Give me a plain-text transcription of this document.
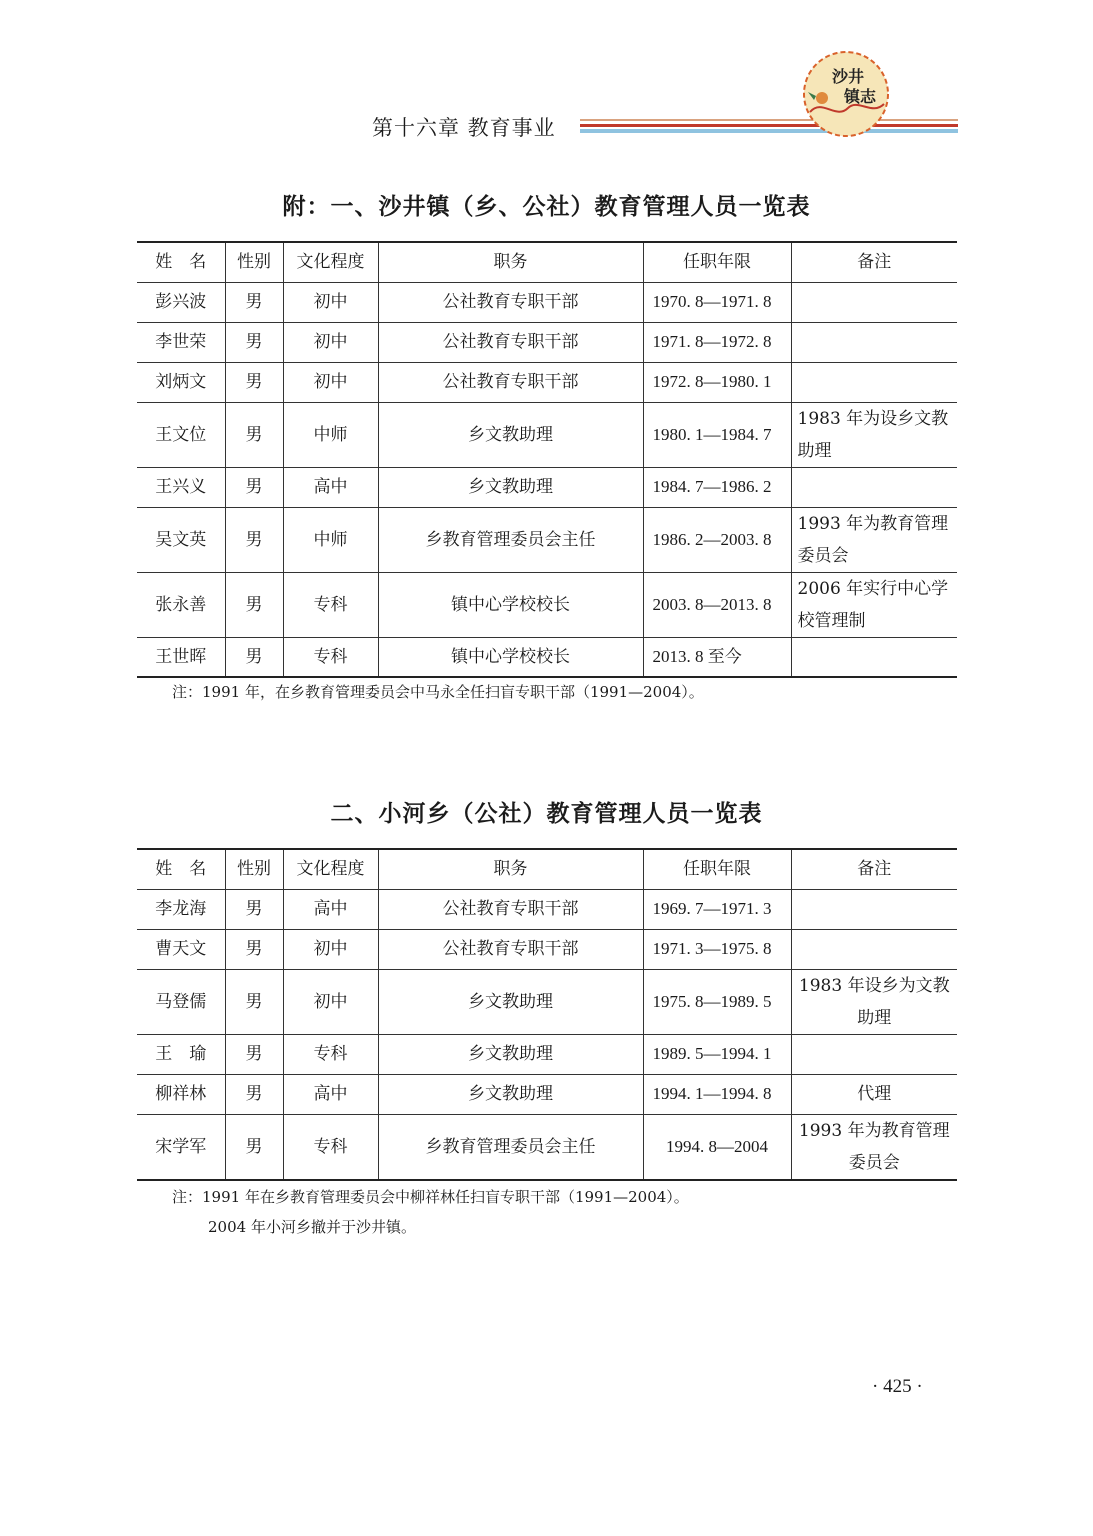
第十六章 教育事业
沙井
镇志
附：一、沙井镇（乡、公社）教育管理人员一览表
姓　名	性别	文化程度	职务	任职年限	备注
彭兴波	男	初中	公社教育专职干部	1970. 8—1971. 8	
李世荣	男	初中	公社教育专职干部	1971. 8—1972. 8	
刘炳文	男	初中	公社教育专职干部	1972. 8—1980. 1	
王文位	男	中师	乡文教助理	1980. 1—1984. 7	1983 年为设乡文教助理
王兴义	男	高中	乡文教助理	1984. 7—1986. 2	
吴文英	男	中师	乡教育管理委员会主任	1986. 2—2003. 8	1993 年为教育管理委员会
张永善	男	专科	镇中心学校校长	2003. 8—2013. 8	2006 年实行中心学校管理制
王世晖	男	专科	镇中心学校校长	2013. 8 至今	
注：1991 年，在乡教育管理委员会中马永全任扫盲专职干部（1991—2004）。
二、小河乡（公社）教育管理人员一览表
姓　名	性别	文化程度	职务	任职年限	备注
李龙海	男	高中	公社教育专职干部	1969. 7—1971. 3	
曹天文	男	初中	公社教育专职干部	1971. 3—1975. 8	
马登儒	男	初中	乡文教助理	1975. 8—1989. 5	1983 年设乡为文教助理
王　瑜	男	专科	乡文教助理	1989. 5—1994. 1	
柳祥林	男	高中	乡文教助理	1994. 1—1994. 8	代理
宋学军	男	专科	乡教育管理委员会主任	1994. 8—2004	1993 年为教育管理委员会
注：1991 年在乡教育管理委员会中柳祥林任扫盲专职干部（1991—2004）。
2004 年小河乡撤并于沙井镇。
· 425 ·
